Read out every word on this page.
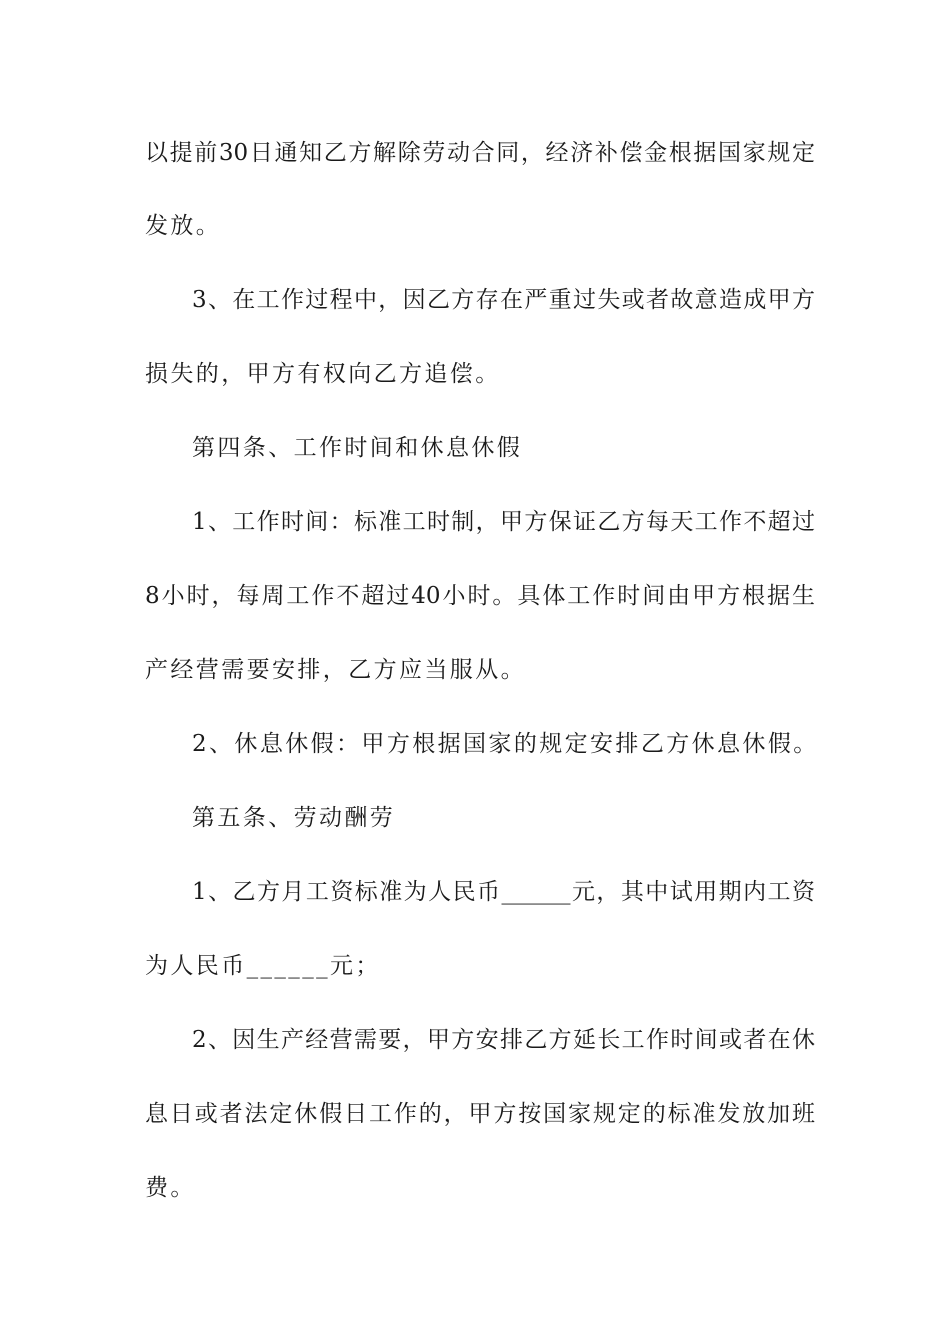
以提前30日通知乙方解除劳动合同，经济补偿金根据国家规定

发放。

3、在工作过程中，因乙方存在严重过失或者故意造成甲方

损失的，甲方有权向乙方追偿。

第四条、工作时间和休息休假

1、工作时间：标准工时制，甲方保证乙方每天工作不超过

8小时，每周工作不超过40小时。具体工作时间由甲方根据生

产经营需要安排，乙方应当服从。

2、休息休假：甲方根据国家的规定安排乙方休息休假。

第五条、劳动酬劳

1、乙方月工资标准为人民币______元，其中试用期内工资

为人民币______元；

2、因生产经营需要，甲方安排乙方延长工作时间或者在休

息日或者法定休假日工作的，甲方按国家规定的标准发放加班

费。
